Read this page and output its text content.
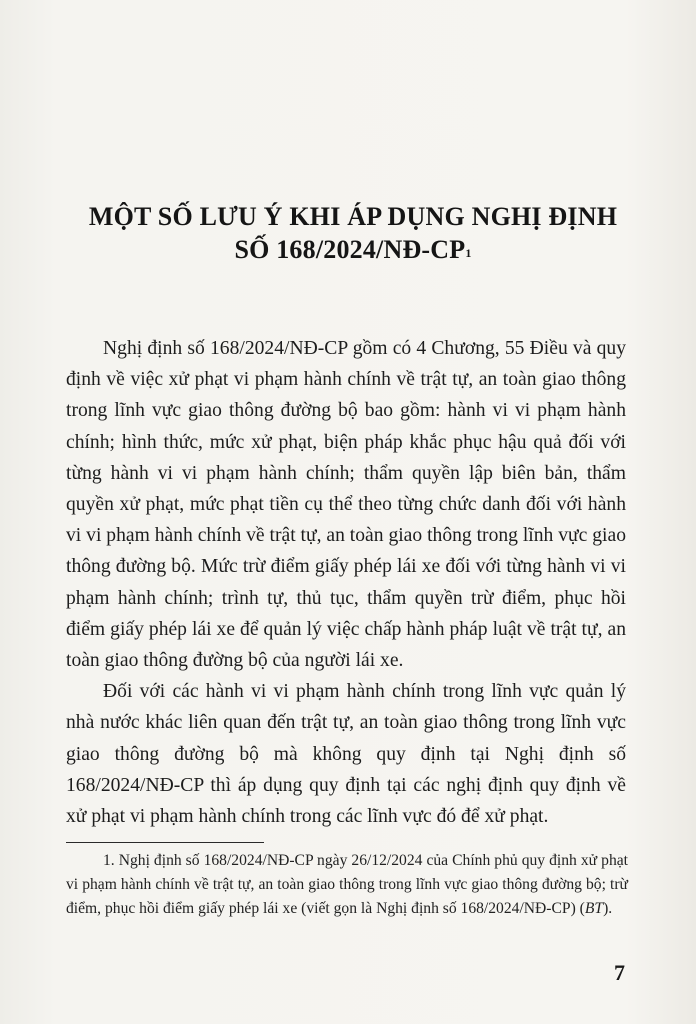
MỘT SỐ LƯU Ý KHI ÁP DỤNG NGHỊ ĐỊNH
SỐ 168/2024/NĐ-CP$^1$

Nghị định số 168/2024/NĐ-CP gồm có 4 Chương, 55 Điều và quy định về việc xử phạt vi phạm hành chính về trật tự, an toàn giao thông trong lĩnh vực giao thông đường bộ bao gồm: hành vi vi phạm hành chính; hình thức, mức xử phạt, biện pháp khắc phục hậu quả đối với từng hành vi vi phạm hành chính; thẩm quyền lập biên bản, thẩm quyền xử phạt, mức phạt tiền cụ thể theo từng chức danh đối với hành vi vi phạm hành chính về trật tự, an toàn giao thông trong lĩnh vực giao thông đường bộ. Mức trừ điểm giấy phép lái xe đối với từng hành vi vi phạm hành chính; trình tự, thủ tục, thẩm quyền trừ điểm, phục hồi điểm giấy phép lái xe để quản lý việc chấp hành pháp luật về trật tự, an toàn giao thông đường bộ của người lái xe.

Đối với các hành vi vi phạm hành chính trong lĩnh vực quản lý nhà nước khác liên quan đến trật tự, an toàn giao thông trong lĩnh vực giao thông đường bộ mà không quy định tại Nghị định số 168/2024/NĐ-CP thì áp dụng quy định tại các nghị định quy định về xử phạt vi phạm hành chính trong các lĩnh vực đó để xử phạt.

1. Nghị định số 168/2024/NĐ-CP ngày 26/12/2024 của Chính phủ quy định xử phạt vi phạm hành chính về trật tự, an toàn giao thông trong lĩnh vực giao thông đường bộ; trừ điểm, phục hồi điểm giấy phép lái xe (viết gọn là Nghị định số 168/2024/NĐ-CP) (BT).

7
